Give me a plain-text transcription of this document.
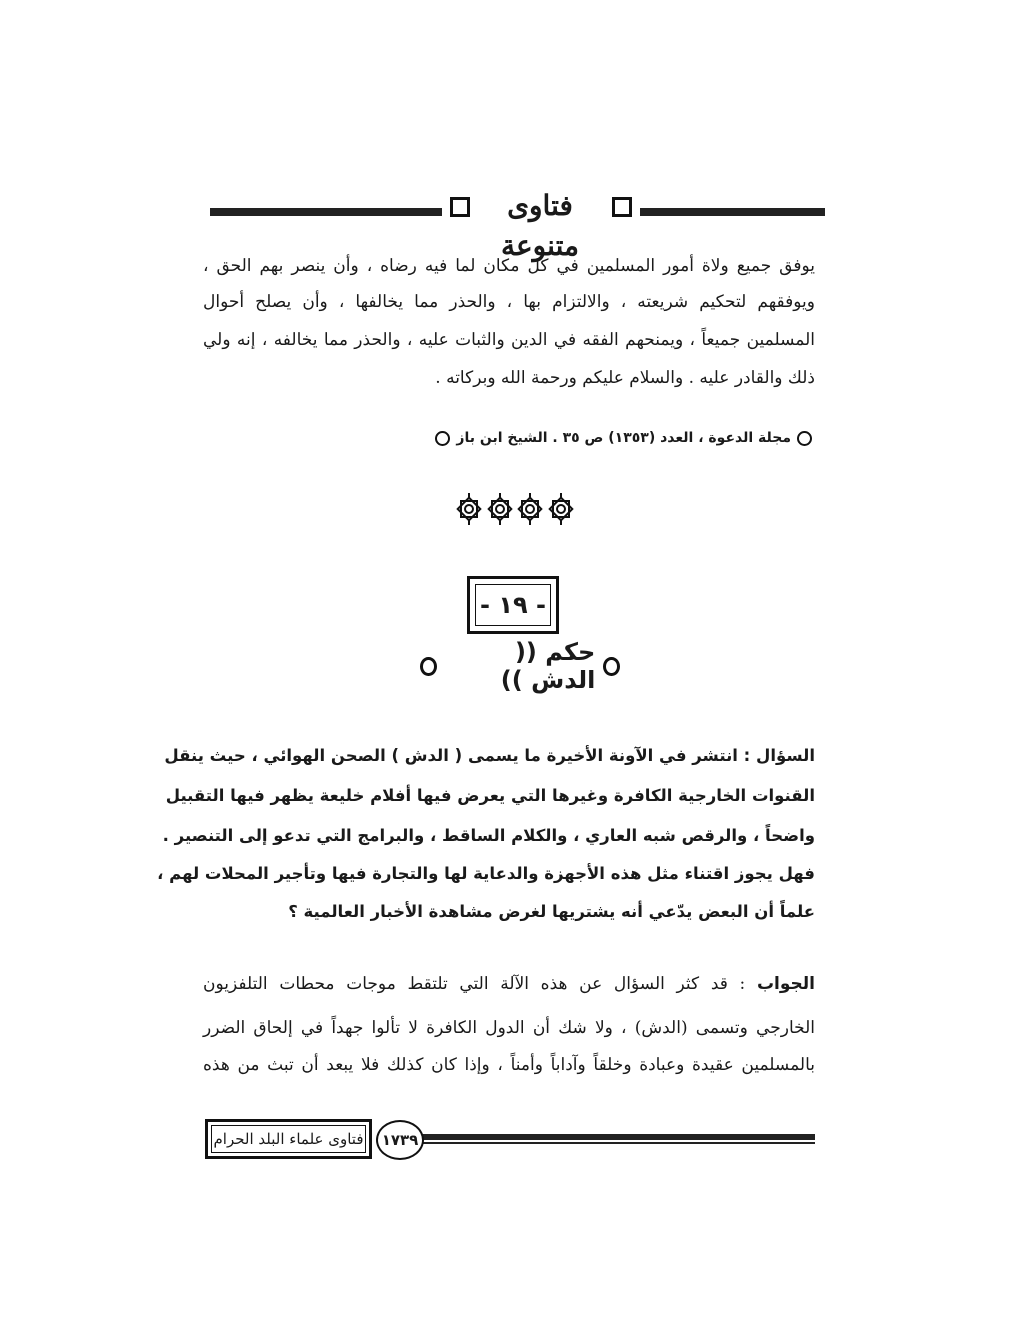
فتاوى متنوعة
يوفق جميع ولاة أمور المسلمين في كل مكان لما فيه رضاه ، وأن ينصر بهم الحق ،
ويوفقهم لتحكيم شريعته ، والالتزام بها ، والحذر مما يخالفها ، وأن يصلح أحوال
المسلمين جميعاً ، ويمنحهم الفقه في الدين والثبات عليه ، والحذر مما يخالفه ، إنه ولي
ذلك والقادر عليه . والسلام عليكم ورحمة الله وبركاته .
مجلة الدعوة ، العدد (١٣٥٣) ص ٣٥ . الشيخ ابن باز
- ١٩ -
حكم (( الدش ))
السؤال : انتشر في الآونة الأخيرة ما يسمى ( الدش ) الصحن الهوائي ، حيث ينقل
القنوات الخارجية الكافرة وغيرها التي يعرض فيها أفلام خليعة يظهر فيها التقبيل
واضحاً ، والرقص شبه العاري ، والكلام الساقط ، والبرامج التي تدعو إلى التنصير .
فهل يجوز اقتناء مثل هذه الأجهزة والدعاية لها والتجارة فيها وتأجير المحلات لهم ،
علماً أن البعض يدّعي أنه يشتريها لغرض مشاهدة الأخبار العالمية ؟
الجواب : قد كثر السؤال عن هذه الآلة التي تلتقط موجات محطات التلفزيون
الخارجي وتسمى (الدش) ، ولا شك أن الدول الكافرة لا تألوا جهداً في إلحاق الضرر
بالمسلمين عقيدة وعبادة وخلقاً وآداباً وأمناً ، وإذا كان كذلك فلا يبعد أن تبث من هذه
١٧٣٩
فتاوى علماء البلد الحرام
